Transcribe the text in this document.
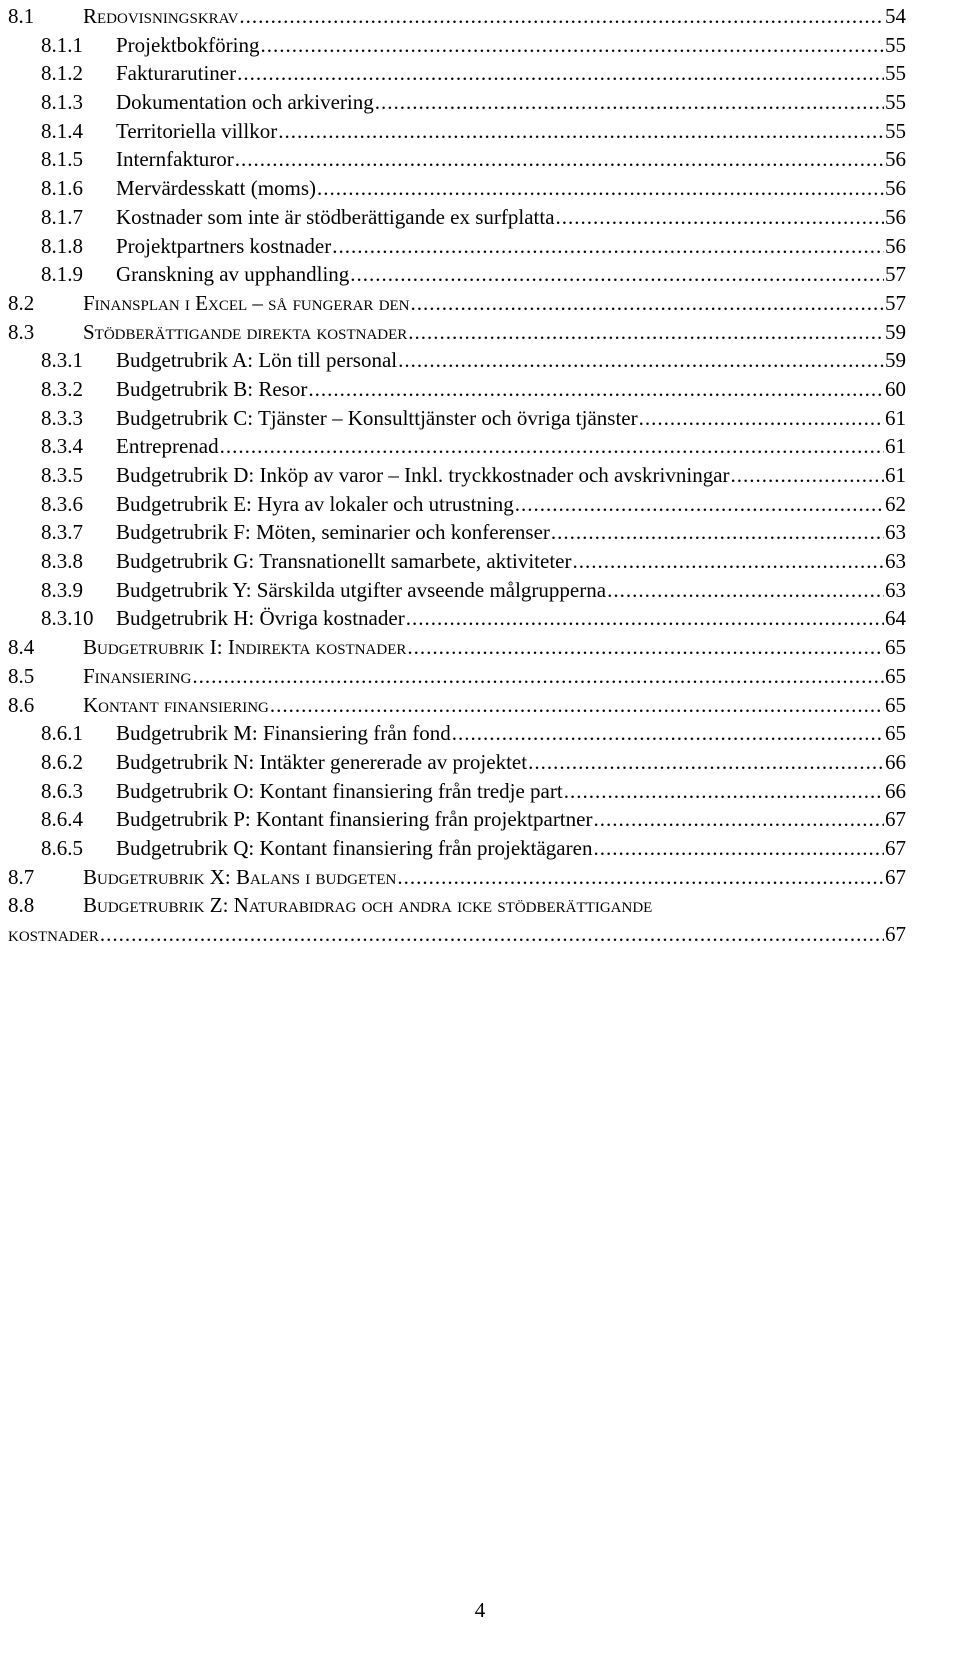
8.1 Redovisningskrav .....	54
8.1.1 Projektbokföring .....	55
8.1.2 Fakturarutiner .....	55
8.1.3 Dokumentation och arkivering .....	55
8.1.4 Territoriella villkor .....	55
8.1.5 Internfakturor .....	56
8.1.6 Mervärdesskatt (moms) .....	56
8.1.7 Kostnader som inte är stödberättigande ex surfplatta .....	56
8.1.8 Projektpartners kostnader .....	56
8.1.9 Granskning av upphandling .....	57
8.2 Finansplan i Excel – så fungerar den .....	57
8.3 Stödberättigande direkta kostnader .....	59
8.3.1 Budgetrubrik A: Lön till personal .....	59
8.3.2 Budgetrubrik B: Resor .....	60
8.3.3 Budgetrubrik C: Tjänster – Konsulttjänster och övriga tjänster .....	61
8.3.4 Entreprenad .....	61
8.3.5 Budgetrubrik D: Inköp av varor – Inkl. tryckkostnader och avskrivningar .....	61
8.3.6 Budgetrubrik E: Hyra av lokaler och utrustning .....	62
8.3.7 Budgetrubrik F: Möten, seminarier och konferenser .....	63
8.3.8 Budgetrubrik G: Transnationellt samarbete, aktiviteter .....	63
8.3.9 Budgetrubrik Y: Särskilda utgifter avseende målgrupperna .....	63
8.3.10 Budgetrubrik H: Övriga kostnader .....	64
8.4 Budgetrubrik I: Indirekta kostnader .....	65
8.5 Finansiering .....	65
8.6 Kontant finansiering .....	65
8.6.1 Budgetrubrik M: Finansiering från fond .....	65
8.6.2 Budgetrubrik N: Intäkter genererade av projektet .....	66
8.6.3 Budgetrubrik O: Kontant finansiering från tredje part .....	66
8.6.4 Budgetrubrik P: Kontant finansiering från projektpartner .....	67
8.6.5 Budgetrubrik Q: Kontant finansiering från projektägaren .....	67
8.7 Budgetrubrik X: Balans i budgeten .....	67
8.8 Budgetrubrik Z: Naturabidrag och andra icke stödberättigande
kostnader .....	67
4
